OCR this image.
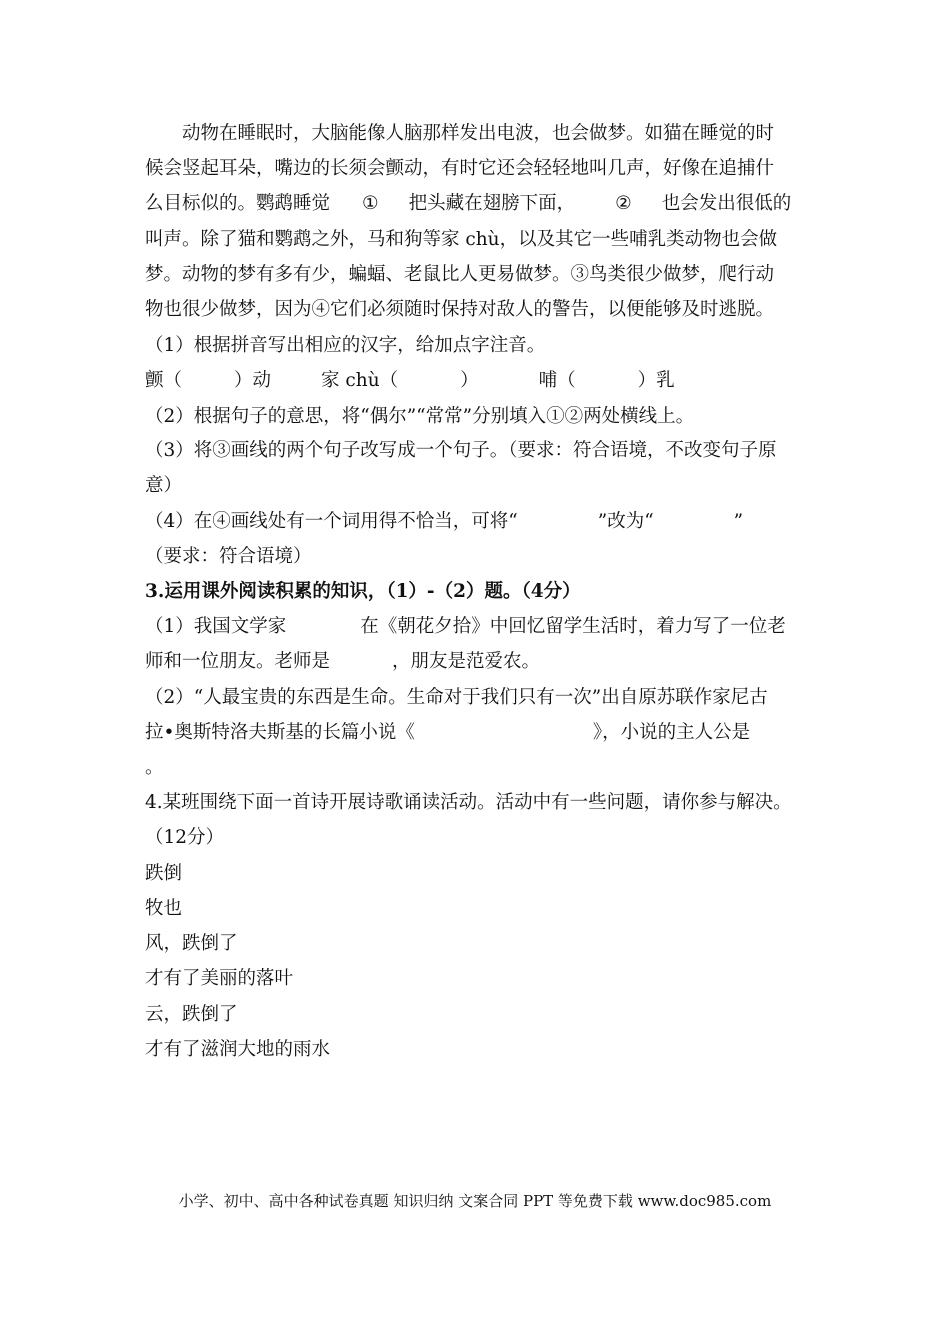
动物在睡眠时，大脑能像人脑那样发出电波，也会做梦。如猫在睡觉的时
候会竖起耳朵，嘴边的长须会颤动，有时它还会轻轻地叫几声，好像在追捕什
么目标似的。鹦鹉睡觉 ① 把头藏在翅膀下面， ② 也会发出很低的
叫声。除了猫和鹦鹉之外，马和狗等家 chù，以及其它一些哺乳类动物也会做
梦。动物的梦有多有少，蝙蝠、老鼠比人更易做梦。③鸟类很少做梦，爬行动
物也很少做梦，因为④它们必须随时保持对敌人的警告，以便能够及时逃脱。
（1）根据拼音写出相应的汉字，给加点字注音。
颤（	）动	家 chù（	）	哺（	）乳
（2）根据句子的意思，将“偶尔”“常常”分别填入①②两处横线上。
（3）将③画线的两个句子改写成一个句子。（要求：符合语境，不改变句子原
意）
（4）在④画线处有一个词用得不恰当，可将“	”改为“	”
（要求：符合语境）
3.运用课外阅读积累的知识，（1）-（2）题。（4分）
（1）我国文学家	在《朝花夕拾》中回忆留学生活时，着力写了一位老
师和一位朋友。老师是	，朋友是范爱农。
（2）“人最宝贵的东西是生命。生命对于我们只有一次”出自原苏联作家尼古
拉•奥斯特洛夫斯基的长篇小说《	》，小说的主人公是
。
4.某班围绕下面一首诗开展诗歌诵读活动。活动中有一些问题，请你参与解决。
（12分）
跌倒
牧也
风，跌倒了
才有了美丽的落叶
云，跌倒了
才有了滋润大地的雨水
小学、初中、高中各种试卷真题 知识归纳 文案合同 PPT 等免费下载 www.doc985.com
